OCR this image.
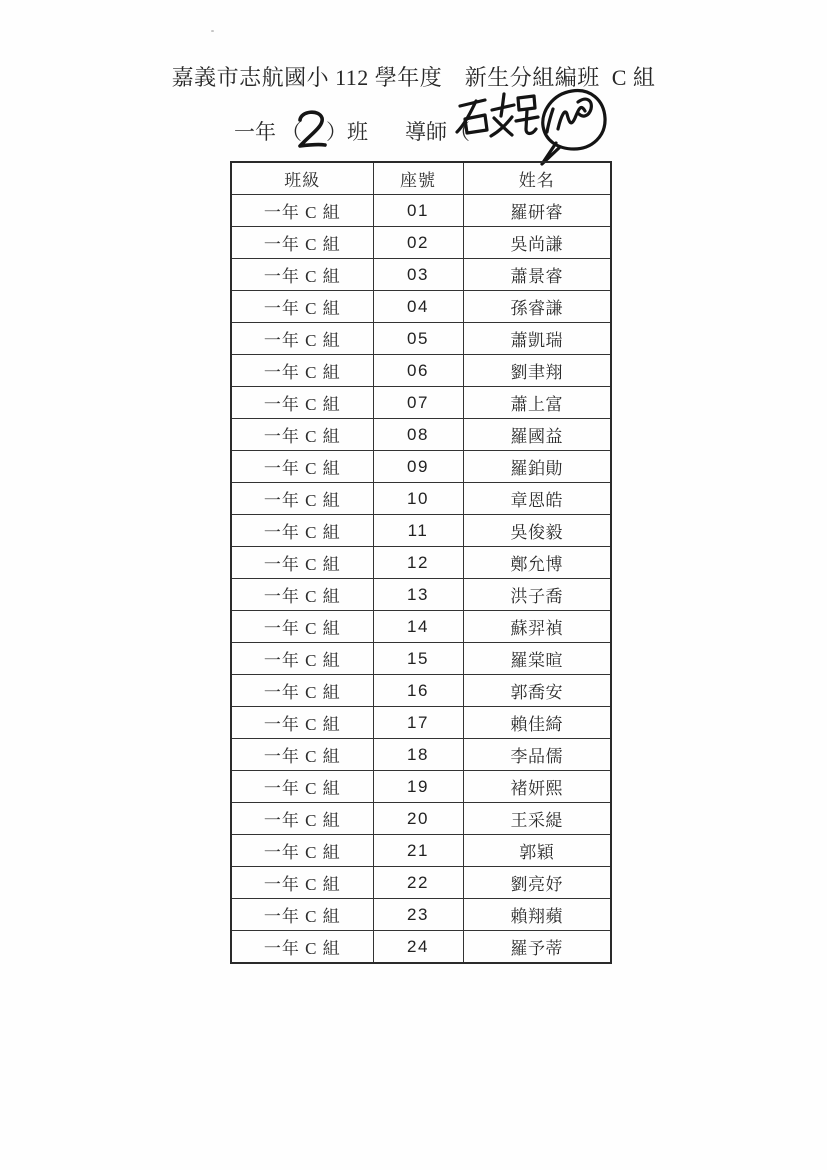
嘉義市志航國小 112 學年度　新生分組編班  C 組
一年 （ ）班 導師（
班級	座號	姓名
一年 C 組	01	羅研睿
一年 C 組	02	吳尚謙
一年 C 組	03	蕭景睿
一年 C 組	04	孫睿謙
一年 C 組	05	蕭凱瑞
一年 C 組	06	劉聿翔
一年 C 組	07	蕭上富
一年 C 組	08	羅國益
一年 C 組	09	羅鉑勛
一年 C 組	10	章恩皓
一年 C 組	11	吳俊毅
一年 C 組	12	鄭允博
一年 C 組	13	洪子喬
一年 C 組	14	蘇羿禎
一年 C 組	15	羅棠暄
一年 C 組	16	郭喬安
一年 C 組	17	賴佳綺
一年 C 組	18	李品儒
一年 C 組	19	褚妍熙
一年 C 組	20	王采緹
一年 C 組	21	郭穎
一年 C 組	22	劉亮妤
一年 C 組	23	賴翔蘋
一年 C 組	24	羅予蒂
